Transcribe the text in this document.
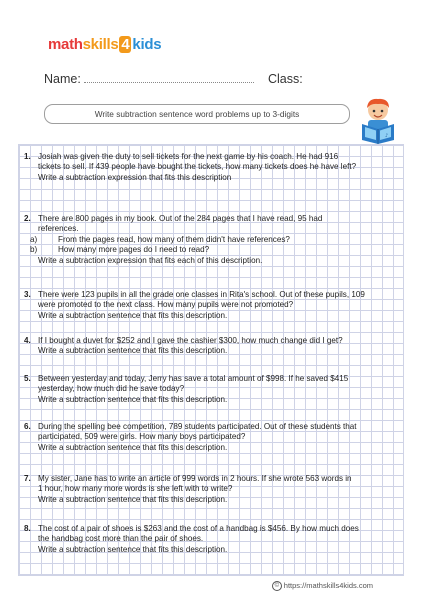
mathskills 4 kids
Name:	Class:
Write subtraction sentence word problems up to 3-digits
♪
1. Josiah was given the duty to sell tickets for the next game by his coach. He had 916
tickets to sell. If 439 people have bought the tickets, how many tickets does he have left?
Write a subtraction expression that fits this description
2. There are 800 pages in my book. Out of the 284 pages that I have read, 95 had
references.
a)	From the pages read, how many of them didn't have references?
b)	How many more pages do I need to read?
Write a subtraction expression that fits each of this description.
3. There were 123 pupils in all the grade one classes in Rita's school. Out of these pupils, 109
were promoted to the next class. How many pupils were not promoted?
Write a subtraction sentence that fits this description.
4. If I bought a duvet for $252 and I gave the cashier $300, how much change did I get?
Write a subtraction sentence that fits this description.
5. Between yesterday and today, Jerry has save a total amount of $998. If he saved $415
yesterday, how much did he save today?
Write a subtraction sentence that fits this description.
6. During the spelling bee competition, 789 students participated. Out of these students that
participated, 509 were girls. How many boys participated?
Write a subtraction sentence that fits this description.
7. My sister, Jane has to write an article of 999 words in 2 hours. If she wrote 563 words in
1 hour, how many more words is she left with to write?
Write a subtraction sentence that fits this description.
8. The cost of a pair of shoes is $263 and the cost of a handbag is $456. By how much does
the handbag cost more than the pair of shoes.
Write a subtraction sentence that fits this description.
© https://mathskills4kids.com
